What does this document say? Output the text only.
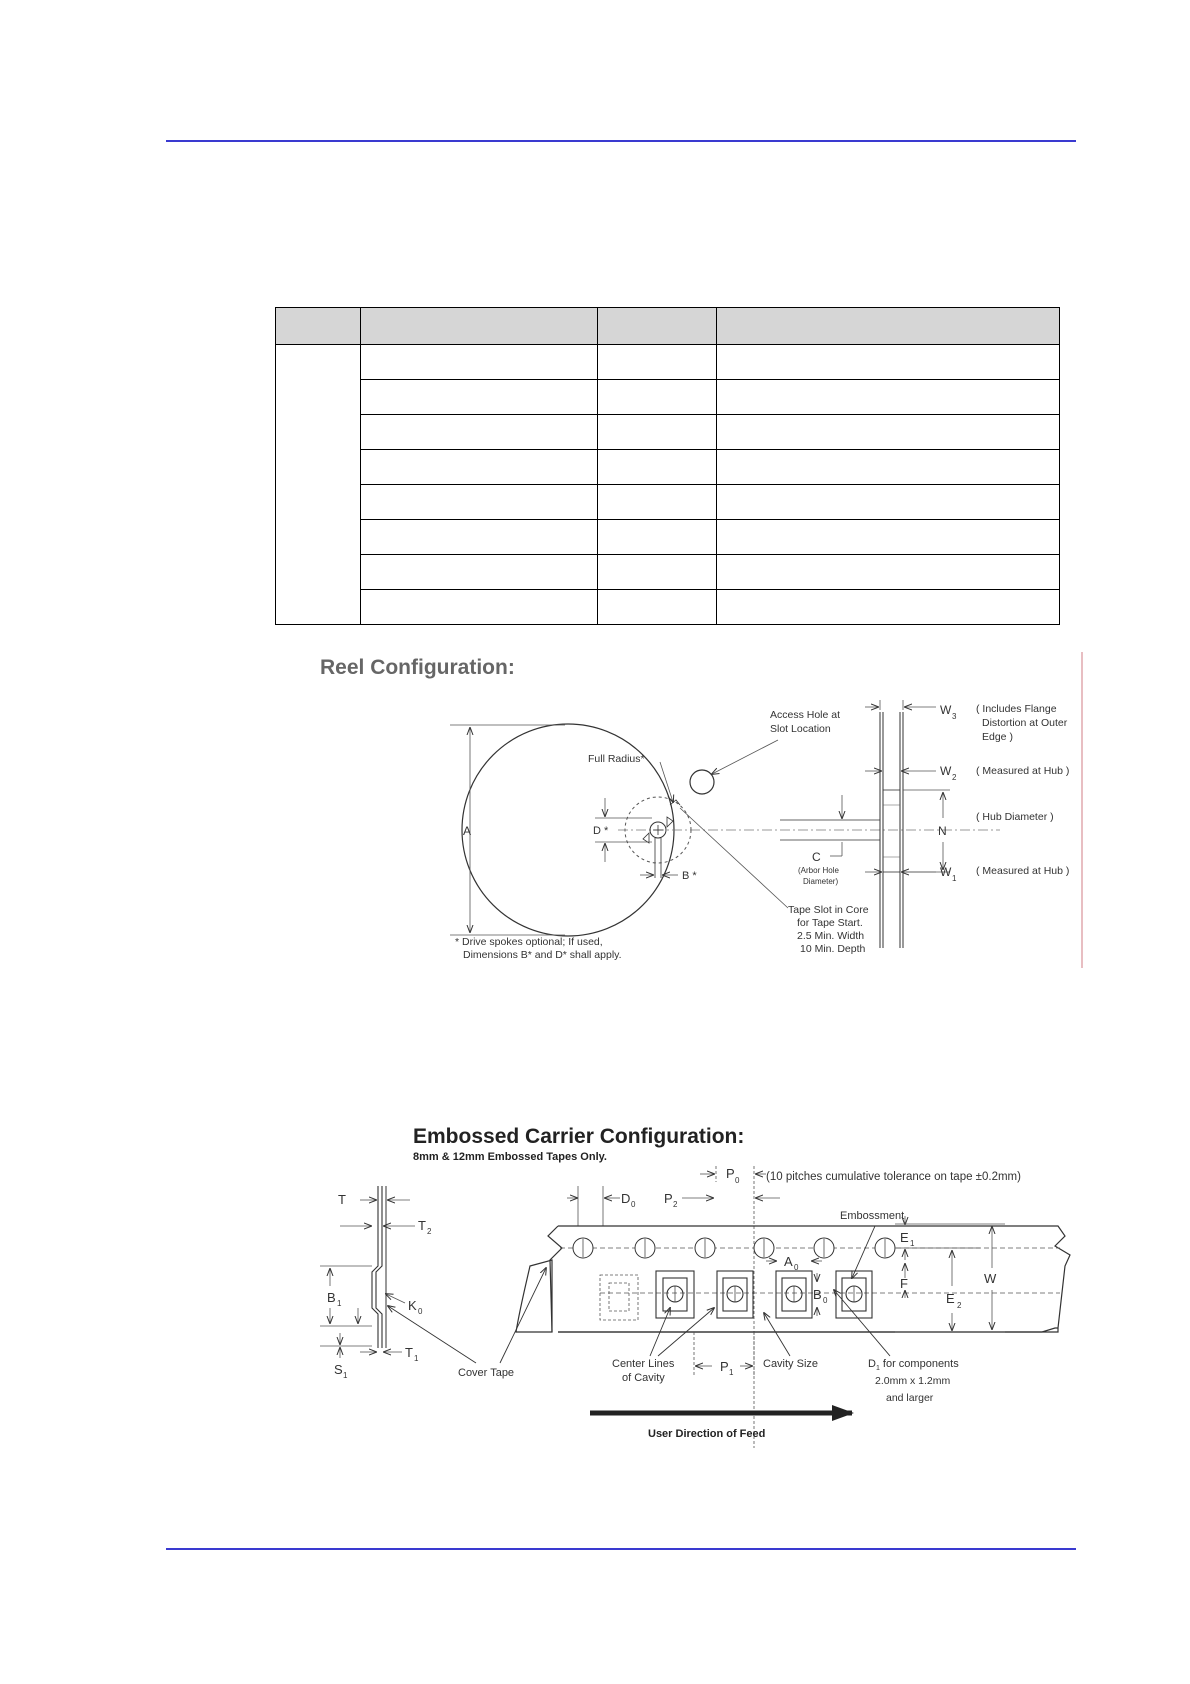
Reel Configuration:
A	D *
B *
Full Radius*
Access Hole at
Slot Location
Tape Slot in Core
for Tape Start.
2.5 Min. Width
10 Min. Depth
* Drive spokes optional; If used,
Dimensions B* and D* shall apply.
C
(Arbor Hole
Diameter)
W 3
( Includes Flange
Distortion at Outer
Edge )
W 2
( Measured at Hub )
N
( Hub Diameter )
W 1
( Measured at Hub )
Embossed Carrier Configuration:
8mm & 12mm Embossed Tapes Only.
P 0 (10 pitches cumulative tolerance on tape ±0.2mm)
D 0 P 2
Embossment
A 0
B 0
E 1
F
E 2
W
B 1
T
T 2
K 0
S 1
T 1
Cover Tape
Center Lines
of Cavity
P 1
Cavity Size	$D_1$ for components
2.0mm x 1.2mm
and larger
User Direction of Feed
